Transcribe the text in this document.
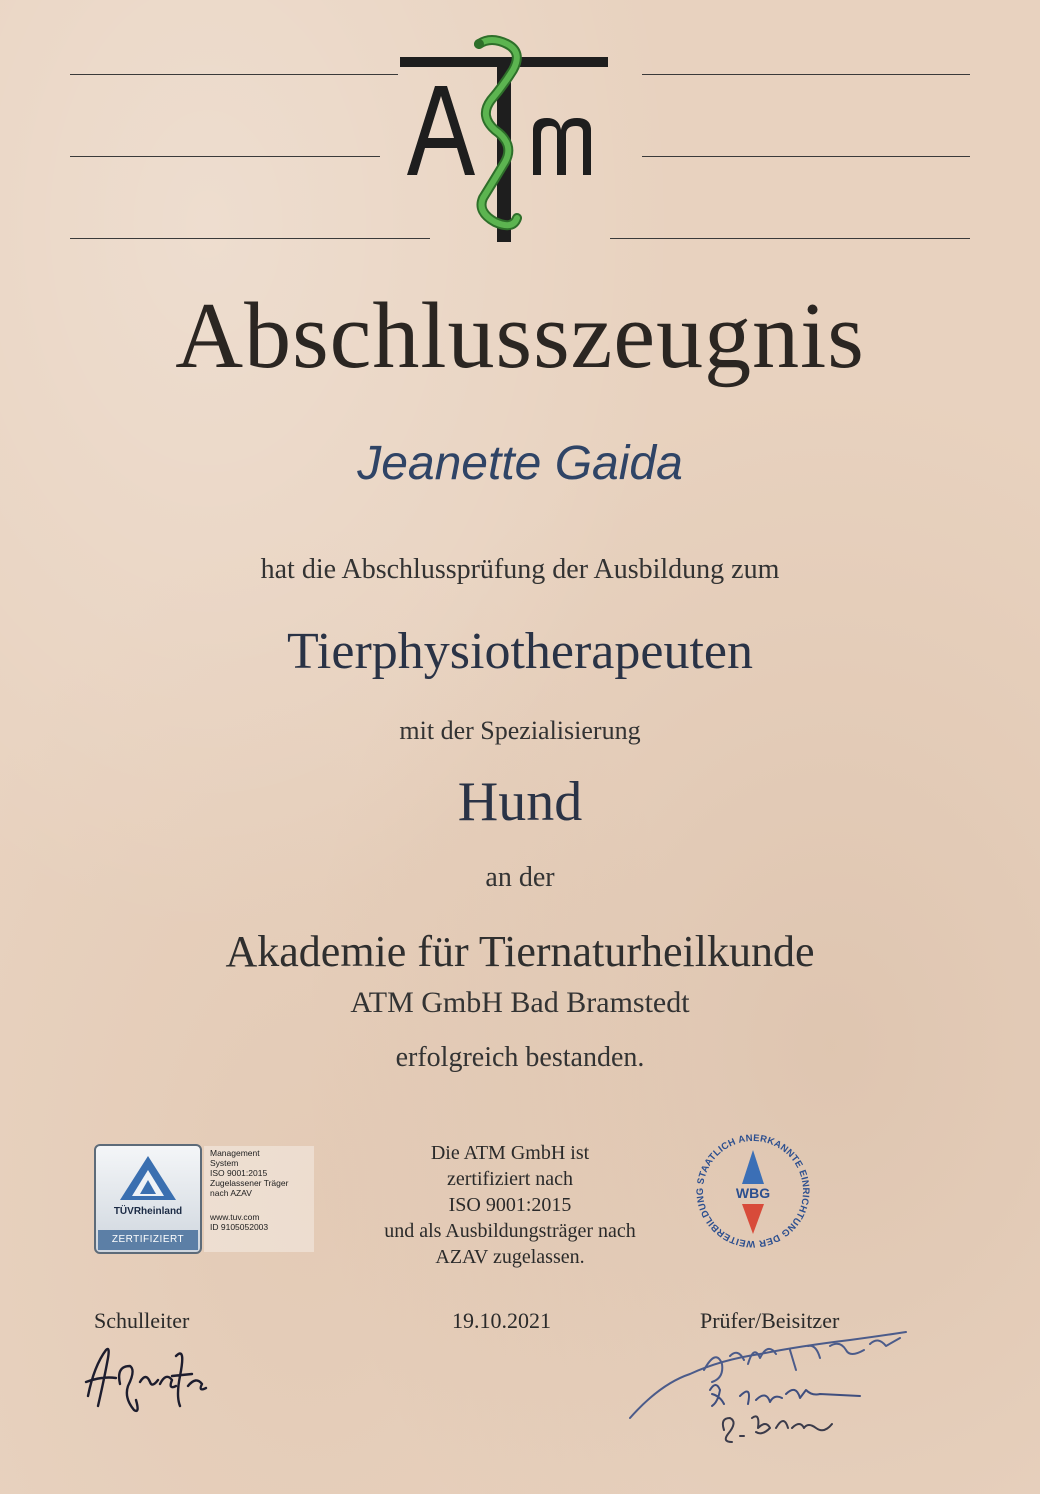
Abschlusszeugnis
Jeanette Gaida
hat die Abschlussprüfung der Ausbildung zum
Tierphysiotherapeuten
mit der Spezialisierung
Hund
an der
Akademie für Tiernaturheilkunde
ATM GmbH Bad Bramstedt
erfolgreich bestanden.
TÜVRheinland
ZERTIFIZIERT
Management
System
ISO 9001:2015
Zugelassener Träger
nach AZAV
www.tuv.com
ID 9105052003
Die ATM GmbH ist
zertifiziert nach
ISO 9001:2015
und als Ausbildungsträger nach
AZAV zugelassen.
STAATLICH ANERKANNTE EINRICHTUNG DER WEITERBILDUNG	WBG
Schulleiter	19.10.2021	Prüfer/Beisitzer
